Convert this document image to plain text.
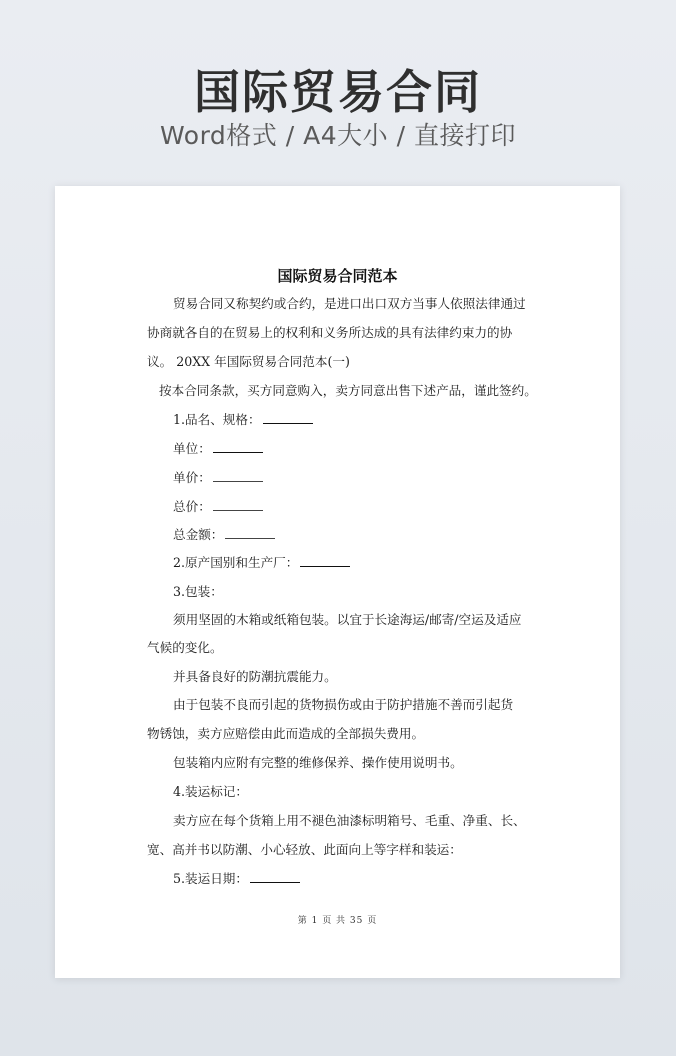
国际贸易合同
Word格式 / A4大小 / 直接打印
国际贸易合同范本
贸易合同又称契约或合约，是进口出口双方当事人依照法律通过
协商就各自的在贸易上的权利和义务所达成的具有法律约束力的协
议。 20XX 年国际贸易合同范本(一)
按本合同条款，买方同意购入，卖方同意出售下述产品，谨此签约。
1.品名、规格：
单位：
单价：
总价：
总金额：
2.原产国别和生产厂：
3.包装：
须用坚固的木箱或纸箱包装。以宜于长途海运/邮寄/空运及适应
气候的变化。
并具备良好的防潮抗震能力。
由于包装不良而引起的货物损伤或由于防护措施不善而引起货
物锈蚀，卖方应赔偿由此而造成的全部损失费用。
包装箱内应附有完整的维修保养、操作使用说明书。
4.装运标记：
卖方应在每个货箱上用不褪色油漆标明箱号、毛重、净重、长、
宽、高并书以防潮、小心轻放、此面向上等字样和装运：
5.装运日期：
第 1 页 共 35 页
